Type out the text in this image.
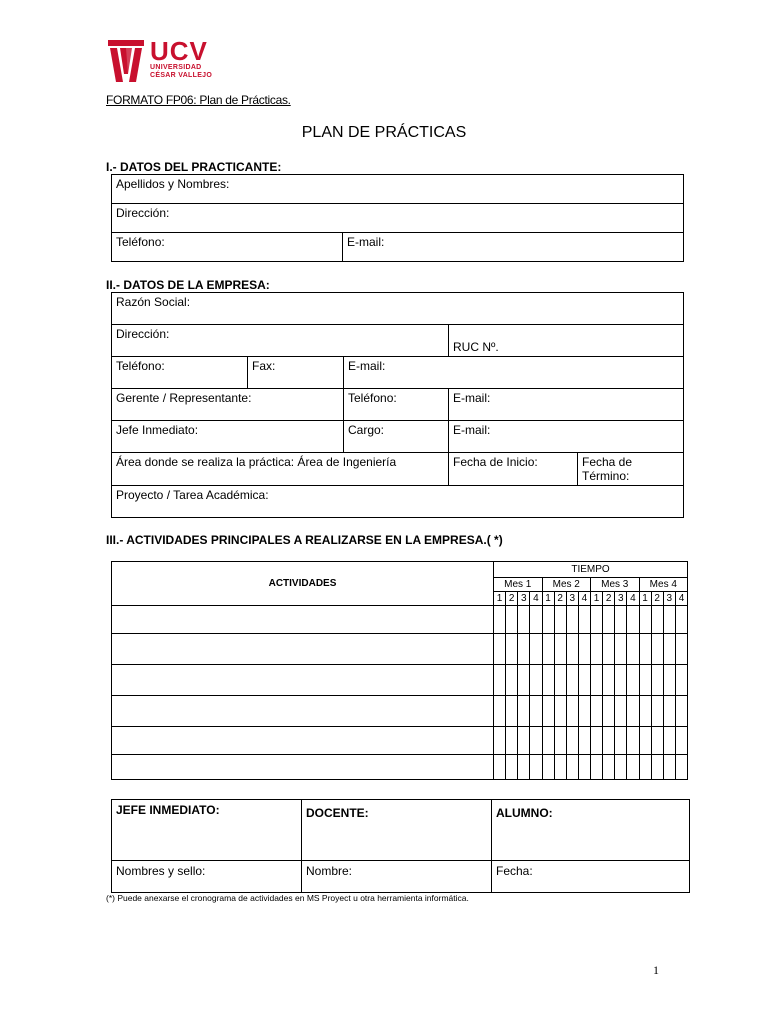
UCV
UNIVERSIDAD
CÉSAR VALLEJO
FORMATO FP06: Plan de Prácticas.
PLAN DE PRÁCTICAS
I.- DATOS DEL PRACTICANTE:
Apellidos y Nombres:
Dirección:
Teléfono:	E-mail:
II.- DATOS DE LA EMPRESA:
Razón Social:				
Dirección:			RUC Nº.	
Teléfono:	Fax:	E-mail:		
Gerente / Representante:		Teléfono:	E-mail:	
Jefe Inmediato:		Cargo:	E-mail:	
Área donde se realiza la práctica: Área de Ingeniería			Fecha de Inicio:	Fecha de Término:
Proyecto / Tarea Académica:				
III.- ACTIVIDADES PRINCIPALES A REALIZARSE EN LA EMPRESA.( *)
ACTIVIDADES	TIEMPO															
	Mes 1				Mes 2				Mes 3				Mes 4			
	1	2	3	4	1	2	3	4	1	2	3	4	1	2	3	4

JEFE INMEDIATO:	DOCENTE:	ALUMNO:
Nombres y sello:	Nombre:	Fecha:
(*) Puede anexarse el cronograma de actividades en MS Proyect u otra herramienta informática.
1
